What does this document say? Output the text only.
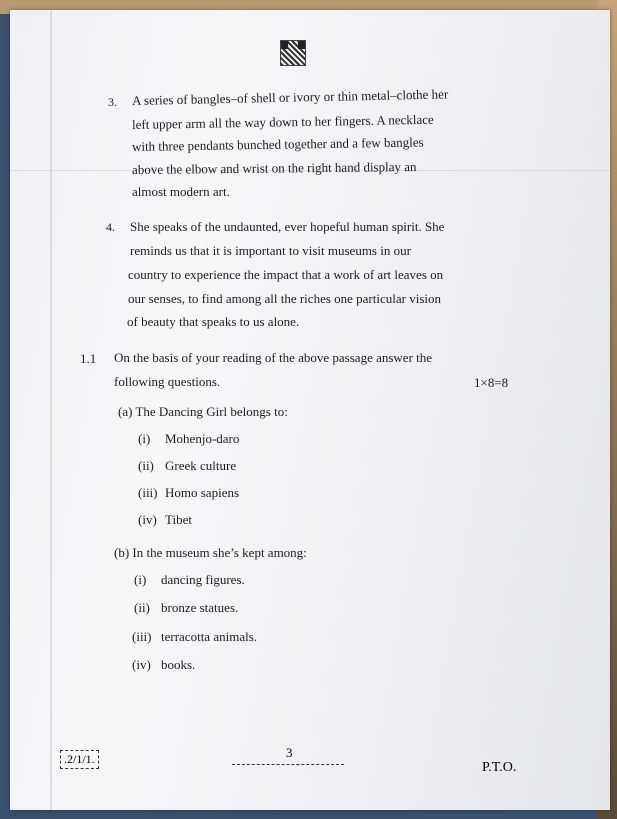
3. A series of bangles–of shell or ivory or thin metal–clothe her
left upper arm all the way down to her fingers. A necklace
with three pendants bunched together and a few bangles
above the elbow and wrist on the right hand display an
almost modern art.
4. She speaks of the undaunted, ever hopeful human spirit. She
reminds us that it is important to visit museums in our
country to experience the impact that a work of art leaves on
our senses, to find among all the riches one particular vision
of beauty that speaks to us alone.
1.1 On the basis of your reading of the above passage answer the
following questions.	1×8=8
(a) The Dancing Girl belongs to:
(i) Mohenjo-daro
(ii) Greek culture
(iii) Homo sapiens
(iv) Tibet
(b) In the museum she’s kept among:
(i) dancing figures.
(ii) bronze statues.
(iii) terracotta animals.
(iv) books.
.2/1/1.	3
P.T.O.
